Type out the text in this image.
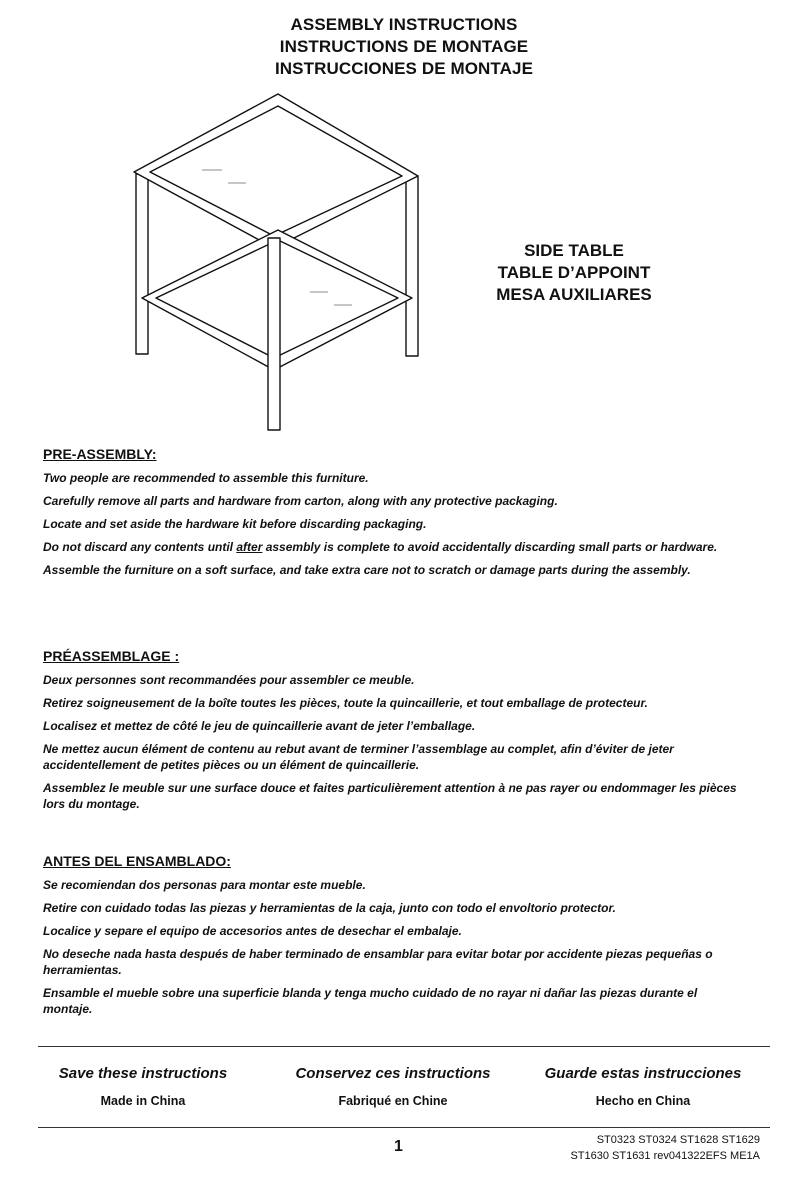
ASSEMBLY INSTRUCTIONS
INSTRUCTIONS DE MONTAGE
INSTRUCCIONES DE MONTAJE
SIDE TABLE
TABLE D’APPOINT
MESA AUXILIARES
PRE-ASSEMBLY:

Two people are recommended to assemble this furniture.

Carefully remove all parts and hardware from carton, along with any protective packaging.

Locate and set aside the hardware kit before discarding packaging.

Do not discard any contents until after assembly is complete to avoid accidentally discarding small parts or hardware.

Assemble the furniture on a soft surface, and take extra care not to scratch or damage parts during the assembly.

PRÉASSEMBLAGE :

Deux personnes sont recommandées pour assembler ce meuble.

Retirez soigneusement de la boîte toutes les pièces, toute la quincaillerie, et tout emballage de protecteur.

Localisez et mettez de côté le jeu de quincaillerie avant de jeter l’emballage.

Ne mettez aucun élément de contenu au rebut avant de terminer l’assemblage au complet, afin d’éviter de jeter accidentellement de petites pièces ou un élément de quincaillerie.

Assemblez le meuble sur une surface douce et faites particulièrement attention à ne pas rayer ou endommager les pièces lors du montage.

ANTES DEL ENSAMBLADO:

Se recomiendan dos personas para montar este mueble.

Retire con cuidado todas las piezas y herramientas de la caja, junto con todo el envoltorio protector.

Localice y separe el equipo de accesorios antes de desechar el embalaje.

No deseche nada hasta después de haber terminado de ensamblar para evitar botar por accidente piezas pequeñas o herramientas.

Ensamble el mueble sobre una superficie blanda y tenga mucho cuidado de no rayar ni dañar las piezas durante el montaje.

Save these instructions
Made in China
Conservez ces instructions
Fabriqué en Chine
Guarde estas instrucciones
Hecho en China
1	ST0323 ST0324 ST1628 ST1629
ST1630 ST1631 rev041322EFS ME1A
